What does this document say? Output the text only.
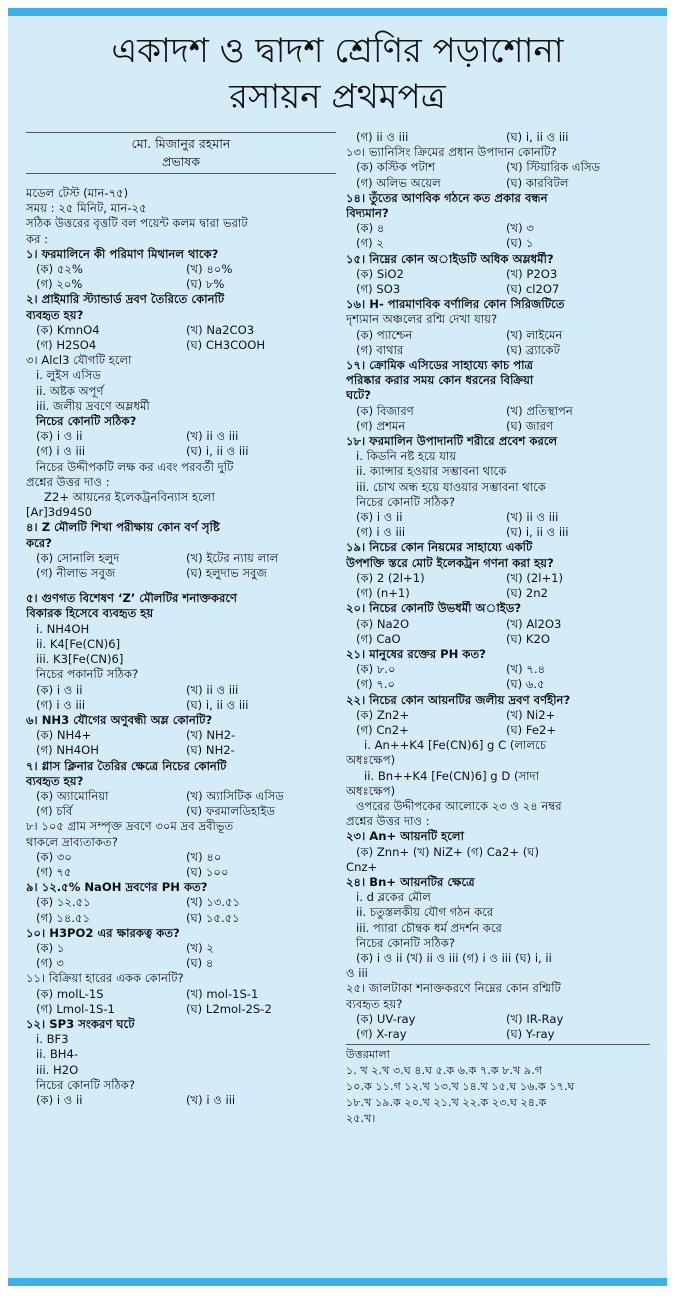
একাদশ ও দ্বাদশ শ্রেণির পড়াশোনা
রসায়ন প্রথমপত্র
মো. মিজানুর রহমান
প্রভাষক
মডেল টেস্ট (মান-৭৫)
সময় : ২৫ মিনিট, মান-২৫
সঠিক উত্তরের বৃত্তটি বল পয়েন্ট কলম দ্বারা ভরাট
কর :
১। ফরমালিনে কী পরিমাণ মিথানল থাকে?
(ক) ৫২%	(খ) ৪০%
(গ) ২০%	(ঘ) ৮%
২। প্রাইমারি স্ট্যান্ডার্ড দ্রবণ তৈরিতে কোনটি
ব্যবহৃত হয়?
(ক) KmnO4	(খ) Na2CO3
(গ) H2SO4	(ঘ) CH3COOH
৩। Alcl3 যৌগটি হলো
i. লুইস এসিড
ii. অষ্টক অপূর্ণ
iii. জলীয় দ্রবণে অম্লধর্মী
নিচের কোনটি সঠিক?
(ক) i ও ii	(খ) ii ও iii
(গ) i ও iii	(ঘ) i, ii ও iii
নিচের উদ্দীপকটি লক্ষ কর এবং পরবর্তী দুটি
প্রশ্নের উত্তর দাও :
Z2+ আয়নের ইলেকট্রনবিন্যাস হলো
[Ar]3d94S0
৪। Z মৌলটি শিখা পরীক্ষায় কোন বর্ণ সৃষ্টি
করে?
(ক) সোনালি হলুদ	(খ) ইটের ন্যায় লাল
(গ) নীলাভ সবুজ	(ঘ) হলুদাভ সবুজ
৫। গুণগত বিশেষণ ‘Z’ মৌলটির শনাক্তকরণে
বিকারক হিসেবে ব্যবহৃত হয়
i. NH4OH
ii. K4[Fe(CN)6]
iii. K3[Fe(CN)6]
নিচের পকানটি সঠিক?
(ক) i ও ii	(খ) ii ও iii
(গ) i ও iii	(ঘ) i, ii ও iii
৬। NH3 যৌগের অণুবন্ধী অম্ল কোনটি?
(ক) NH4+	(খ) NH2-
(গ) NH4OH	(ঘ) NH2-
৭। গ্লাস ক্লিনার তৈরির ক্ষেত্রে নিচের কোনটি
ব্যবহৃত হয়?
(ক) অ্যামোনিয়া	(খ) অ্যাসিটিক এসিড
(গ) চর্বি	(ঘ) ফরমালডিহাইড
৮। ১০৫ গ্রাম সম্পৃক্ত দ্রবণে ৩০ম দ্রব দ্রবীভূত
থাকলে দ্রাব্যতাকত?
(ক) ৩০	(খ) ৪০
(গ) ৭৫	(ঘ) ১০০
৯। ১২.৫% NaOH দ্রবণের PH কত?
(ক) ১২.৫১	(খ) ১৩.৫১
(গ) ১৪.৫১	(ঘ) ১৫.৫১
১০। H3PO2 এর ক্ষারকত্ব কত?
(ক) ১	(খ) ২
(গ) ৩	(ঘ) ৪
১১। বিক্রিয়া হারের একক কোনটি?
(ক) molL-1S	(খ) mol-1S-1
(গ) Lmol-1S-1	(ঘ) L2mol-2S-2
১২। SP3 সংকরণ ঘটে
i. BF3
ii. BH4-
iii. H2O
নিচের কোনটি সঠিক?
(ক) i ও ii	(খ) i ও iii
(গ) ii ও iii	(ঘ) i, ii ও iii
১৩। ভ্যানিসিং ক্রিমের প্রধান উপাদান কোনটি?
(ক) কস্টিক পটাশ	(খ) স্টিয়ারিক এসিড
(গ) অলিভ অয়েল	(ঘ) কারবিটল
১৪। তুঁতের আণবিক গঠনে কত প্রকার বন্ধন
বিদ্যমান?
(ক) ৪	(খ) ৩
(গ) ২	(ঘ) ১
১৫। নিম্নের কোন অাইডটি অধিক অম্লধর্মী?
(ক) SiO2	(খ) P2O3
(গ) SO3	(ঘ) cl2O7
১৬। H- পারমাণবিক বর্ণালির কোন সিরিজটিতে
দৃশ্যমান অঞ্চলের রশ্মি দেখা যায়?
(ক) প্যাশ্চেন	(খ) লাইমেন
(গ) বাথার	(ঘ) ব্র্যাকেট
১৭। ক্রোমিক এসিডের সাহায্যে কাচ পাত্র
পরিষ্কার করার সময় কোন ধরনের বিক্রিয়া
ঘটে?
(ক) বিজারণ	(খ) প্রতিস্থাপন
(গ) প্রশমন	(ঘ) জারণ
১৮। ফরমালিন উপাদানটি শরীরে প্রবেশ করলে
i. কিডনি নষ্ট হয়ে যায়
ii. ক্যান্সার হওয়ার সম্ভাবনা থাকে
iii. চোখ অন্ধ হয়ে যাওয়ার সম্ভাবনা থাকে
নিচের কোনটি সঠিক?
(ক) i ও ii	(খ) ii ও iii
(গ) i ও iii	(ঘ) i, ii ও iii
১৯। নিচের কোন নিয়মের সাহায্যে একটি
উপশক্তি স্তরে মোট ইলেকট্রন গণনা করা হয়?
(ক) 2 (2l+1)	(খ) (2l+1)
(গ) (n+1)	(ঘ) 2n2
২০। নিচের কোনটি উভধর্মী অাইড?
(ক) Na2O	(খ) Al2O3
(গ) CaO	(ঘ) K2O
২১। মানুষের রক্তের PH কত?
(ক) ৮.০	(খ) ৭.৪
(গ) ৭.০	(ঘ) ৬.৫
২২। নিচের কোন আয়নটির জলীয় দ্রবণ বর্ণহীন?
(ক) Zn2+	(খ) Ni2+
(গ) Cn2+	(ঘ) Fe2+
i. An++K4 [Fe(CN)6] g C (লালচে
অধঃক্ষেপ)
ii. Bn++K4 [Fe(CN)6] g D (সাদা
অধঃক্ষেপ)
ওপরের উদ্দীপকের আলোকে ২৩ ও ২৪ নম্বর
প্রশ্নের উত্তর দাও :
২৩। An+ আয়নটি হলো
(ক) Znn+ (খ) NiZ+ (গ) Ca2+ (ঘ)
Cnz+
২৪। Bn+ আয়নটির ক্ষেত্রে
i. d ব্লকের মৌল
ii. চতুস্তলকীয় যৌগ গঠন করে
iii. প্যারা চৌম্বক ধর্ম প্রদর্শন করে
নিচের কোনটি সঠিক?
(ক) i ও ii (খ) ii ও iii (গ) i ও iii (ঘ) i, ii
ও iii
২৫। জালটাকা শনাক্তকরণে নিম্নের কোন রশ্মিটি
ব্যবহৃত হয়?
(ক) UV-ray	(খ) IR-Ray
(গ) X-ray	(ঘ) Y-ray
উত্তরমালা
১. খ ২.খ ৩.ঘ ৪.ঘ ৫.ক ৬.ক ৭.ক ৮.খ ৯.গ
১০.ক ১১.গ ১২.খ ১৩.খ ১৪.খ ১৫.ঘ ১৬.ক ১৭.ঘ
১৮.খ ১৯.ক ২০.খ ২১.খ ২২.ক ২৩.ঘ ২৪.ক
২৫.খ।
